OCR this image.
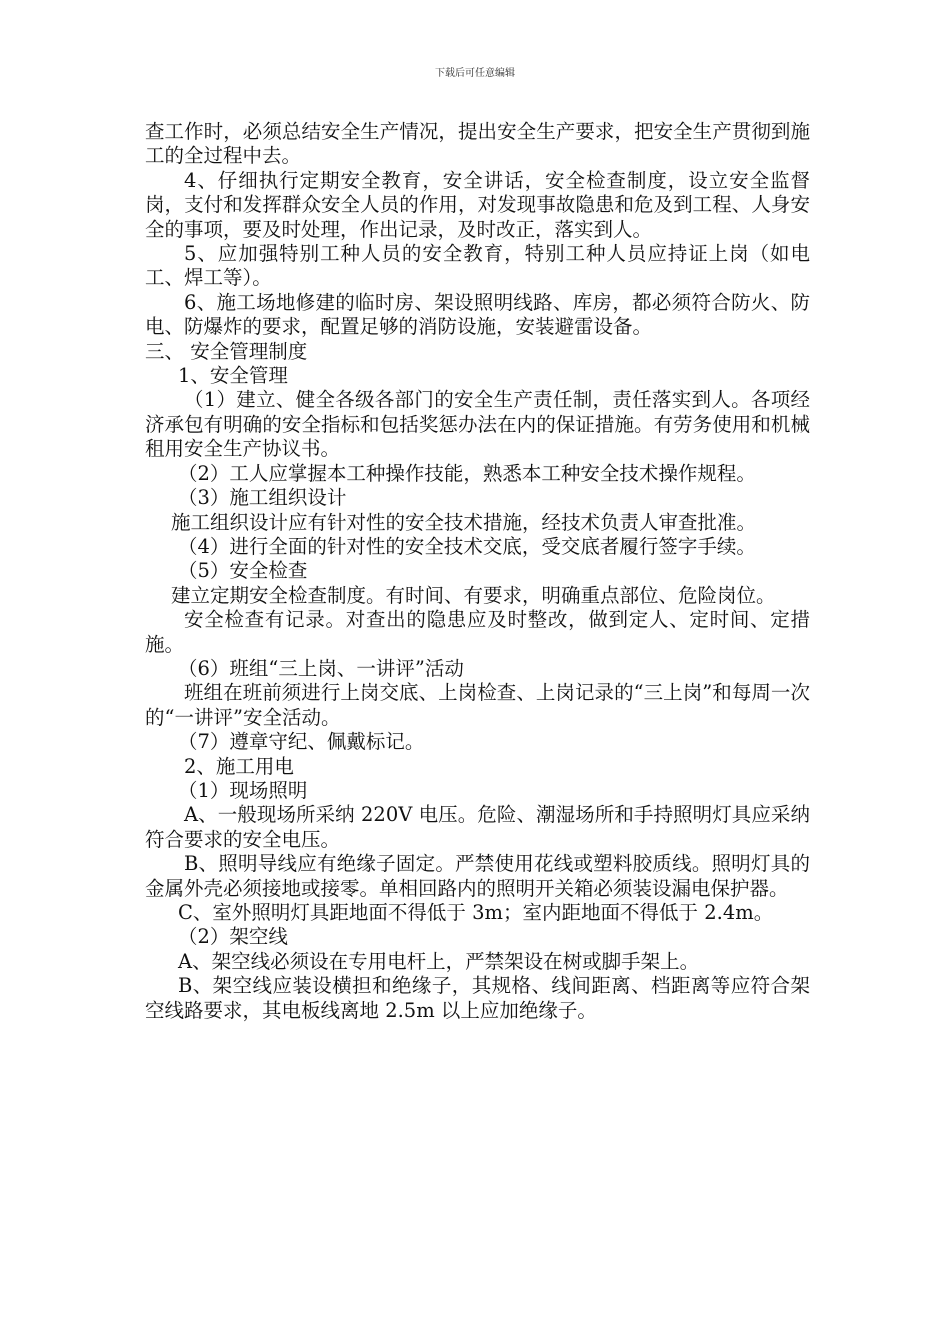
下载后可任意编辑

查工作时，必须总结安全生产情况，提出安全生产要求，把安全生产贯彻到施工的全过程中去。

4、仔细执行定期安全教育，安全讲话，安全检查制度，设立安全监督岗，支付和发挥群众安全人员的作用，对发现事故隐患和危及到工程、人身安全的事项，要及时处理，作出记录，及时改正，落实到人。

5、应加强特别工种人员的安全教育，特别工种人员应持证上岗（如电工、焊工等）。

6、施工场地修建的临时房、架设照明线路、库房，都必须符合防火、防电、防爆炸的要求，配置足够的消防设施，安装避雷设备。

三、 安全管理制度

1、安全管理

（1）建立、健全各级各部门的安全生产责任制，责任落实到人。各项经济承包有明确的安全指标和包括奖惩办法在内的保证措施。有劳务使用和机械租用安全生产协议书。

（2）工人应掌握本工种操作技能，熟悉本工种安全技术操作规程。

（3）施工组织设计

施工组织设计应有针对性的安全技术措施，经技术负责人审查批准。

（4）进行全面的针对性的安全技术交底，受交底者履行签字手续。

（5）安全检查

建立定期安全检查制度。有时间、有要求，明确重点部位、危险岗位。

安全检查有记录。对查出的隐患应及时整改，做到定人、定时间、定措施。

（6）班组“三上岗、一讲评”活动

班组在班前须进行上岗交底、上岗检查、上岗记录的“三上岗”和每周一次的“一讲评”安全活动。

（7）遵章守纪、佩戴标记。

2、施工用电

（1）现场照明

A、一般现场所采纳 220V 电压。危险、潮湿场所和手持照明灯具应采纳符合要求的安全电压。

B、照明导线应有绝缘子固定。严禁使用花线或塑料胶质线。照明灯具的金属外壳必须接地或接零。单相回路内的照明开关箱必须装设漏电保护器。

C、室外照明灯具距地面不得低于 3m；室内距地面不得低于 2.4m。

（2）架空线

A、架空线必须设在专用电杆上，严禁架设在树或脚手架上。

B、架空线应装设横担和绝缘子，其规格、线间距离、档距离等应符合架空线路要求，其电板线离地 2.5m 以上应加绝缘子。
